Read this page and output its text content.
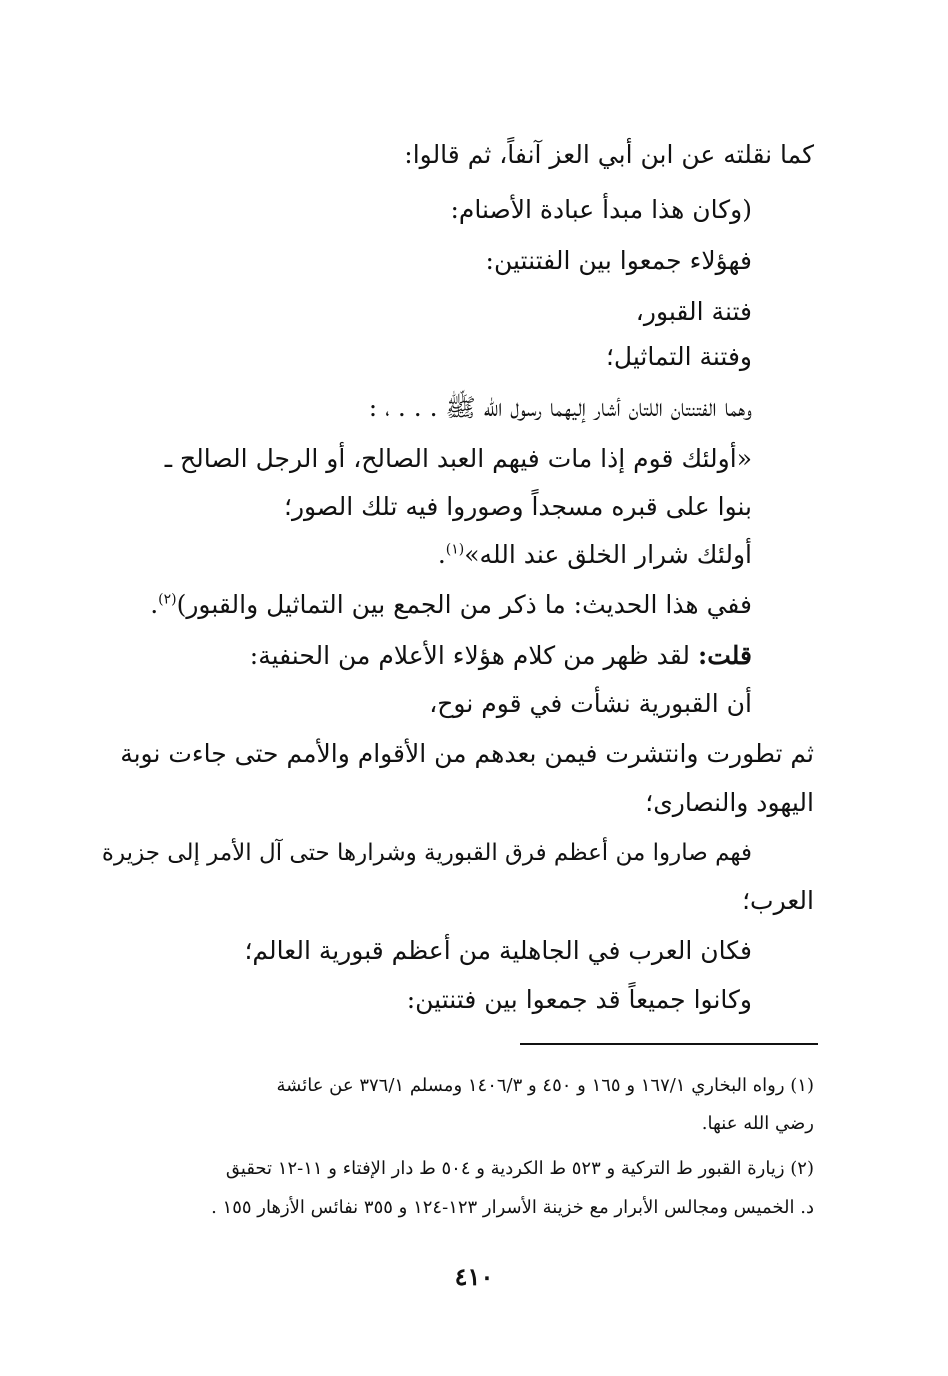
كما نقلته عن ابن أبي العز آنفاً، ثم قالوا:
(وكان هذا مبدأ عبادة الأصنام:
فهؤلاء جمعوا بين الفتنتين:
فتنة القبور،
وفتنة التماثيل؛
وهما الفتنتان اللتان أشار إليهما رسول الله ﷺ . . . ، :
«أولئك قوم إذا مات فيهم العبد الصالح، أو الرجل الصالح ـ
بنوا على قبره مسجداً وصوروا فيه تلك الصور؛
أولئك شرار الخلق عند الله»$^{(١)}$.
ففي هذا الحديث: ما ذكر من الجمع بين التماثيل والقبور)$^{(٢)}$.
قلت: لقد ظهر من كلام هؤلاء الأعلام من الحنفية:
أن القبورية نشأت في قوم نوح،
ثم تطورت وانتشرت فيمن بعدهم من الأقوام والأمم حتى جاءت نوبة
اليهود والنصارى؛
فهم صاروا من أعظم فرق القبورية وشرارها حتى آل الأمر إلى جزيرة
العرب؛
فكان العرب في الجاهلية من أعظم قبورية العالم؛
وكانوا جميعاً قد جمعوا بين فتنتين:
(١) رواه البخاري ١٦٧/١ و ١٦٥ و ٤٥٠ و ١٤٠٦/٣ ومسلم ٣٧٦/١ عن عائشة
رضي الله عنها.
(٢) زيارة القبور ط التركية و ٥٢٣ ط الكردية و ٥٠٤ ط دار الإفتاء و ١١-١٢ تحقيق
د. الخميس ومجالس الأبرار مع خزينة الأسرار ١٢٣-١٢٤ و ٣٥٥ نفائس الأزهار ١٥٥ .
٤١٠
